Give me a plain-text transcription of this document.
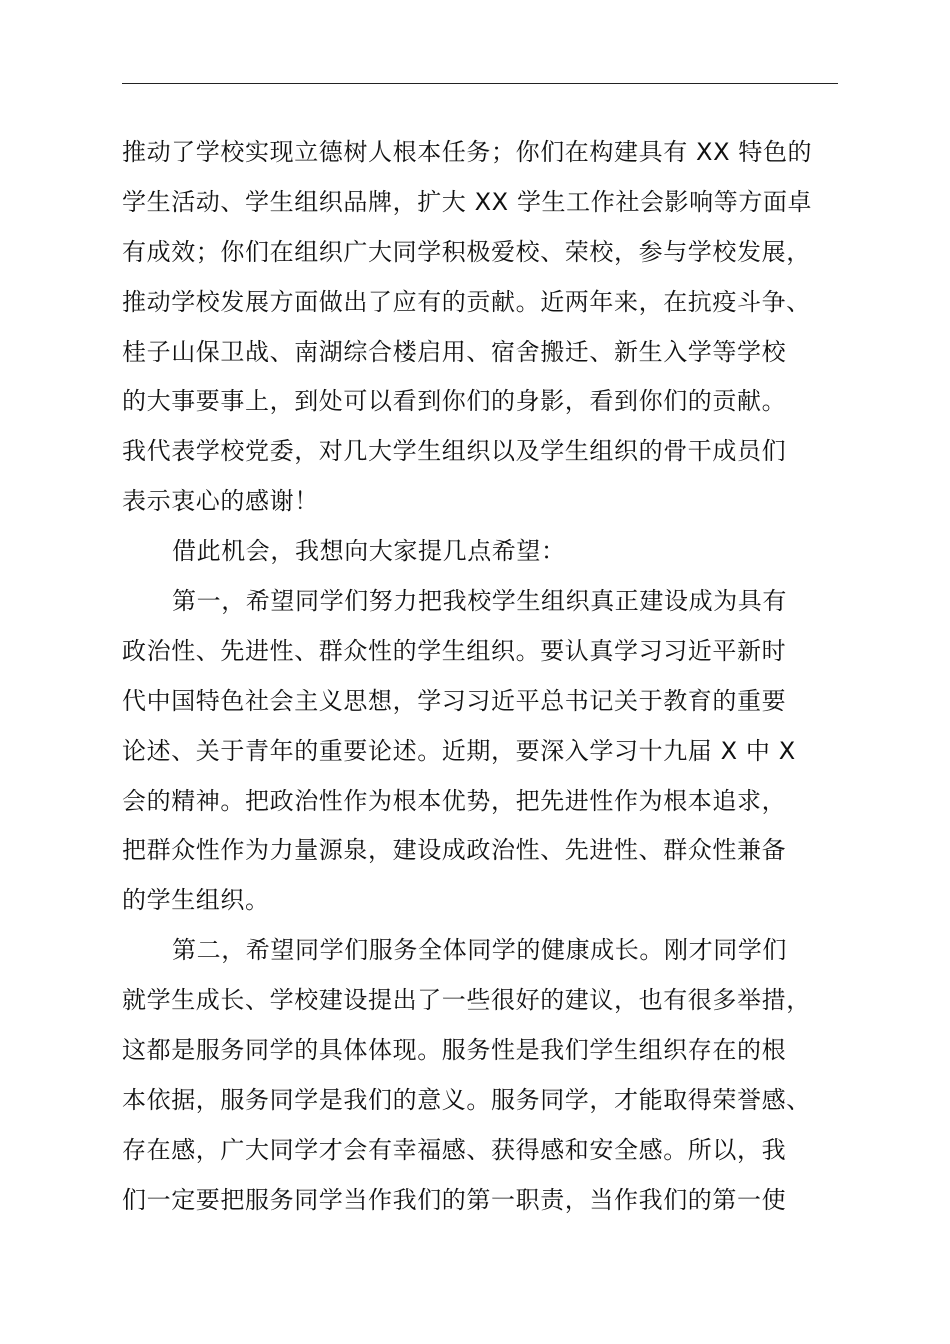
推动了学校实现立德树人根本任务；你们在构建具有 XX 特色的
学生活动、学生组织品牌，扩大 XX 学生工作社会影响等方面卓
有成效；你们在组织广大同学积极爱校、荣校，参与学校发展，
推动学校发展方面做出了应有的贡献。近两年来，在抗疫斗争、
桂子山保卫战、南湖综合楼启用、宿舍搬迁、新生入学等学校
的大事要事上，到处可以看到你们的身影，看到你们的贡献。
我代表学校党委，对几大学生组织以及学生组织的骨干成员们
表示衷心的感谢！
借此机会，我想向大家提几点希望：
第一，希望同学们努力把我校学生组织真正建设成为具有
政治性、先进性、群众性的学生组织。要认真学习习近平新时
代中国特色社会主义思想，学习习近平总书记关于教育的重要
论述、关于青年的重要论述。近期，要深入学习十九届 X 中 X
会的精神。把政治性作为根本优势，把先进性作为根本追求，
把群众性作为力量源泉，建设成政治性、先进性、群众性兼备
的学生组织。
第二，希望同学们服务全体同学的健康成长。刚才同学们
就学生成长、学校建设提出了一些很好的建议，也有很多举措，
这都是服务同学的具体体现。服务性是我们学生组织存在的根
本依据，服务同学是我们的意义。服务同学，才能取得荣誉感、
存在感，广大同学才会有幸福感、获得感和安全感。所以，我
们一定要把服务同学当作我们的第一职责，当作我们的第一使
